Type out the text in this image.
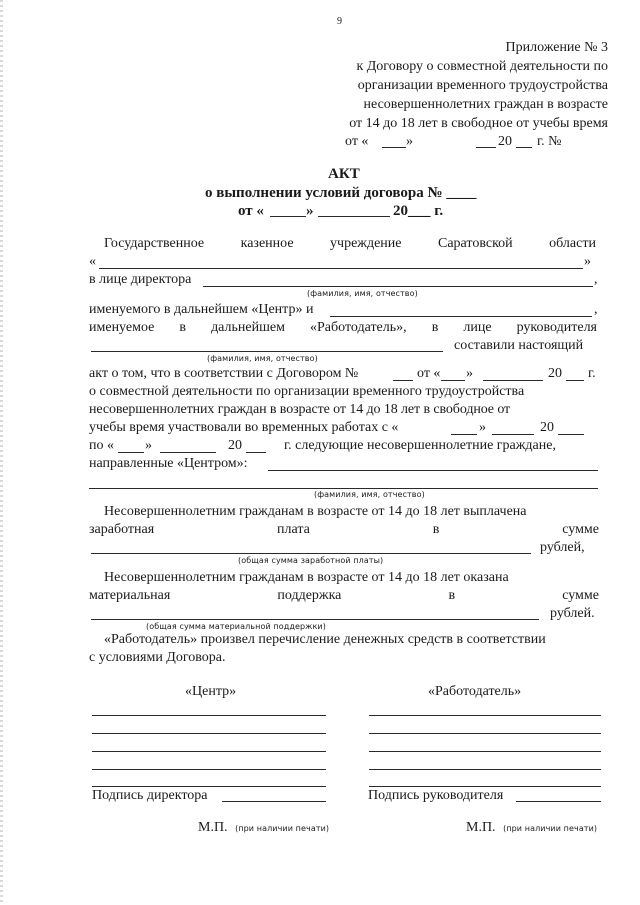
9
Приложение № 3
к Договору о совместной деятельности по
организации временного трудоустройства
несовершеннолетних граждан в возрасте
от 14 до 18 лет в свободное от учебы время
от «	»	20 г. №
АКТ
о выполнении условий договора № ____
от «	»	20___ г.
Государственное	казенное	учреждение	Саратовской	области
«	»
в лице директора	,
(фамилия, имя, отчество)
именуемого в дальнейшем «Центр» и	,
именуемое в дальнейшем «Работодатель», в лице руководителя
составили настоящий
(фамилия, имя, отчество)
акт о том, что в соответствии с Договором №	от « »	20 г.
о совместной деятельности по организации временного трудоустройства
несовершеннолетних граждан в возрасте от 14 до 18 лет в свободное от
учебы время участвовали во временных работах с «	»	20
по « »	20	г. следующие несовершеннолетние граждане,
направленные «Центром»:
(фамилия, имя, отчество)
Несовершеннолетним гражданам в возрасте от 14 до 18 лет выплачена
заработная	плата	в	сумме
рублей,
(общая сумма заработной платы)
Несовершеннолетним гражданам в возрасте от 14 до 18 лет оказана
материальная	поддержка	в	сумме
рублей.
(общая сумма материальной поддержки)
«Работодатель» произвел перечисление денежных средств в соответствии
с условиями Договора.
«Центр»	«Работодатель»
Подпись директора	Подпись руководителя
М.П. (при наличии печати)	М.П. (при наличии печати)
